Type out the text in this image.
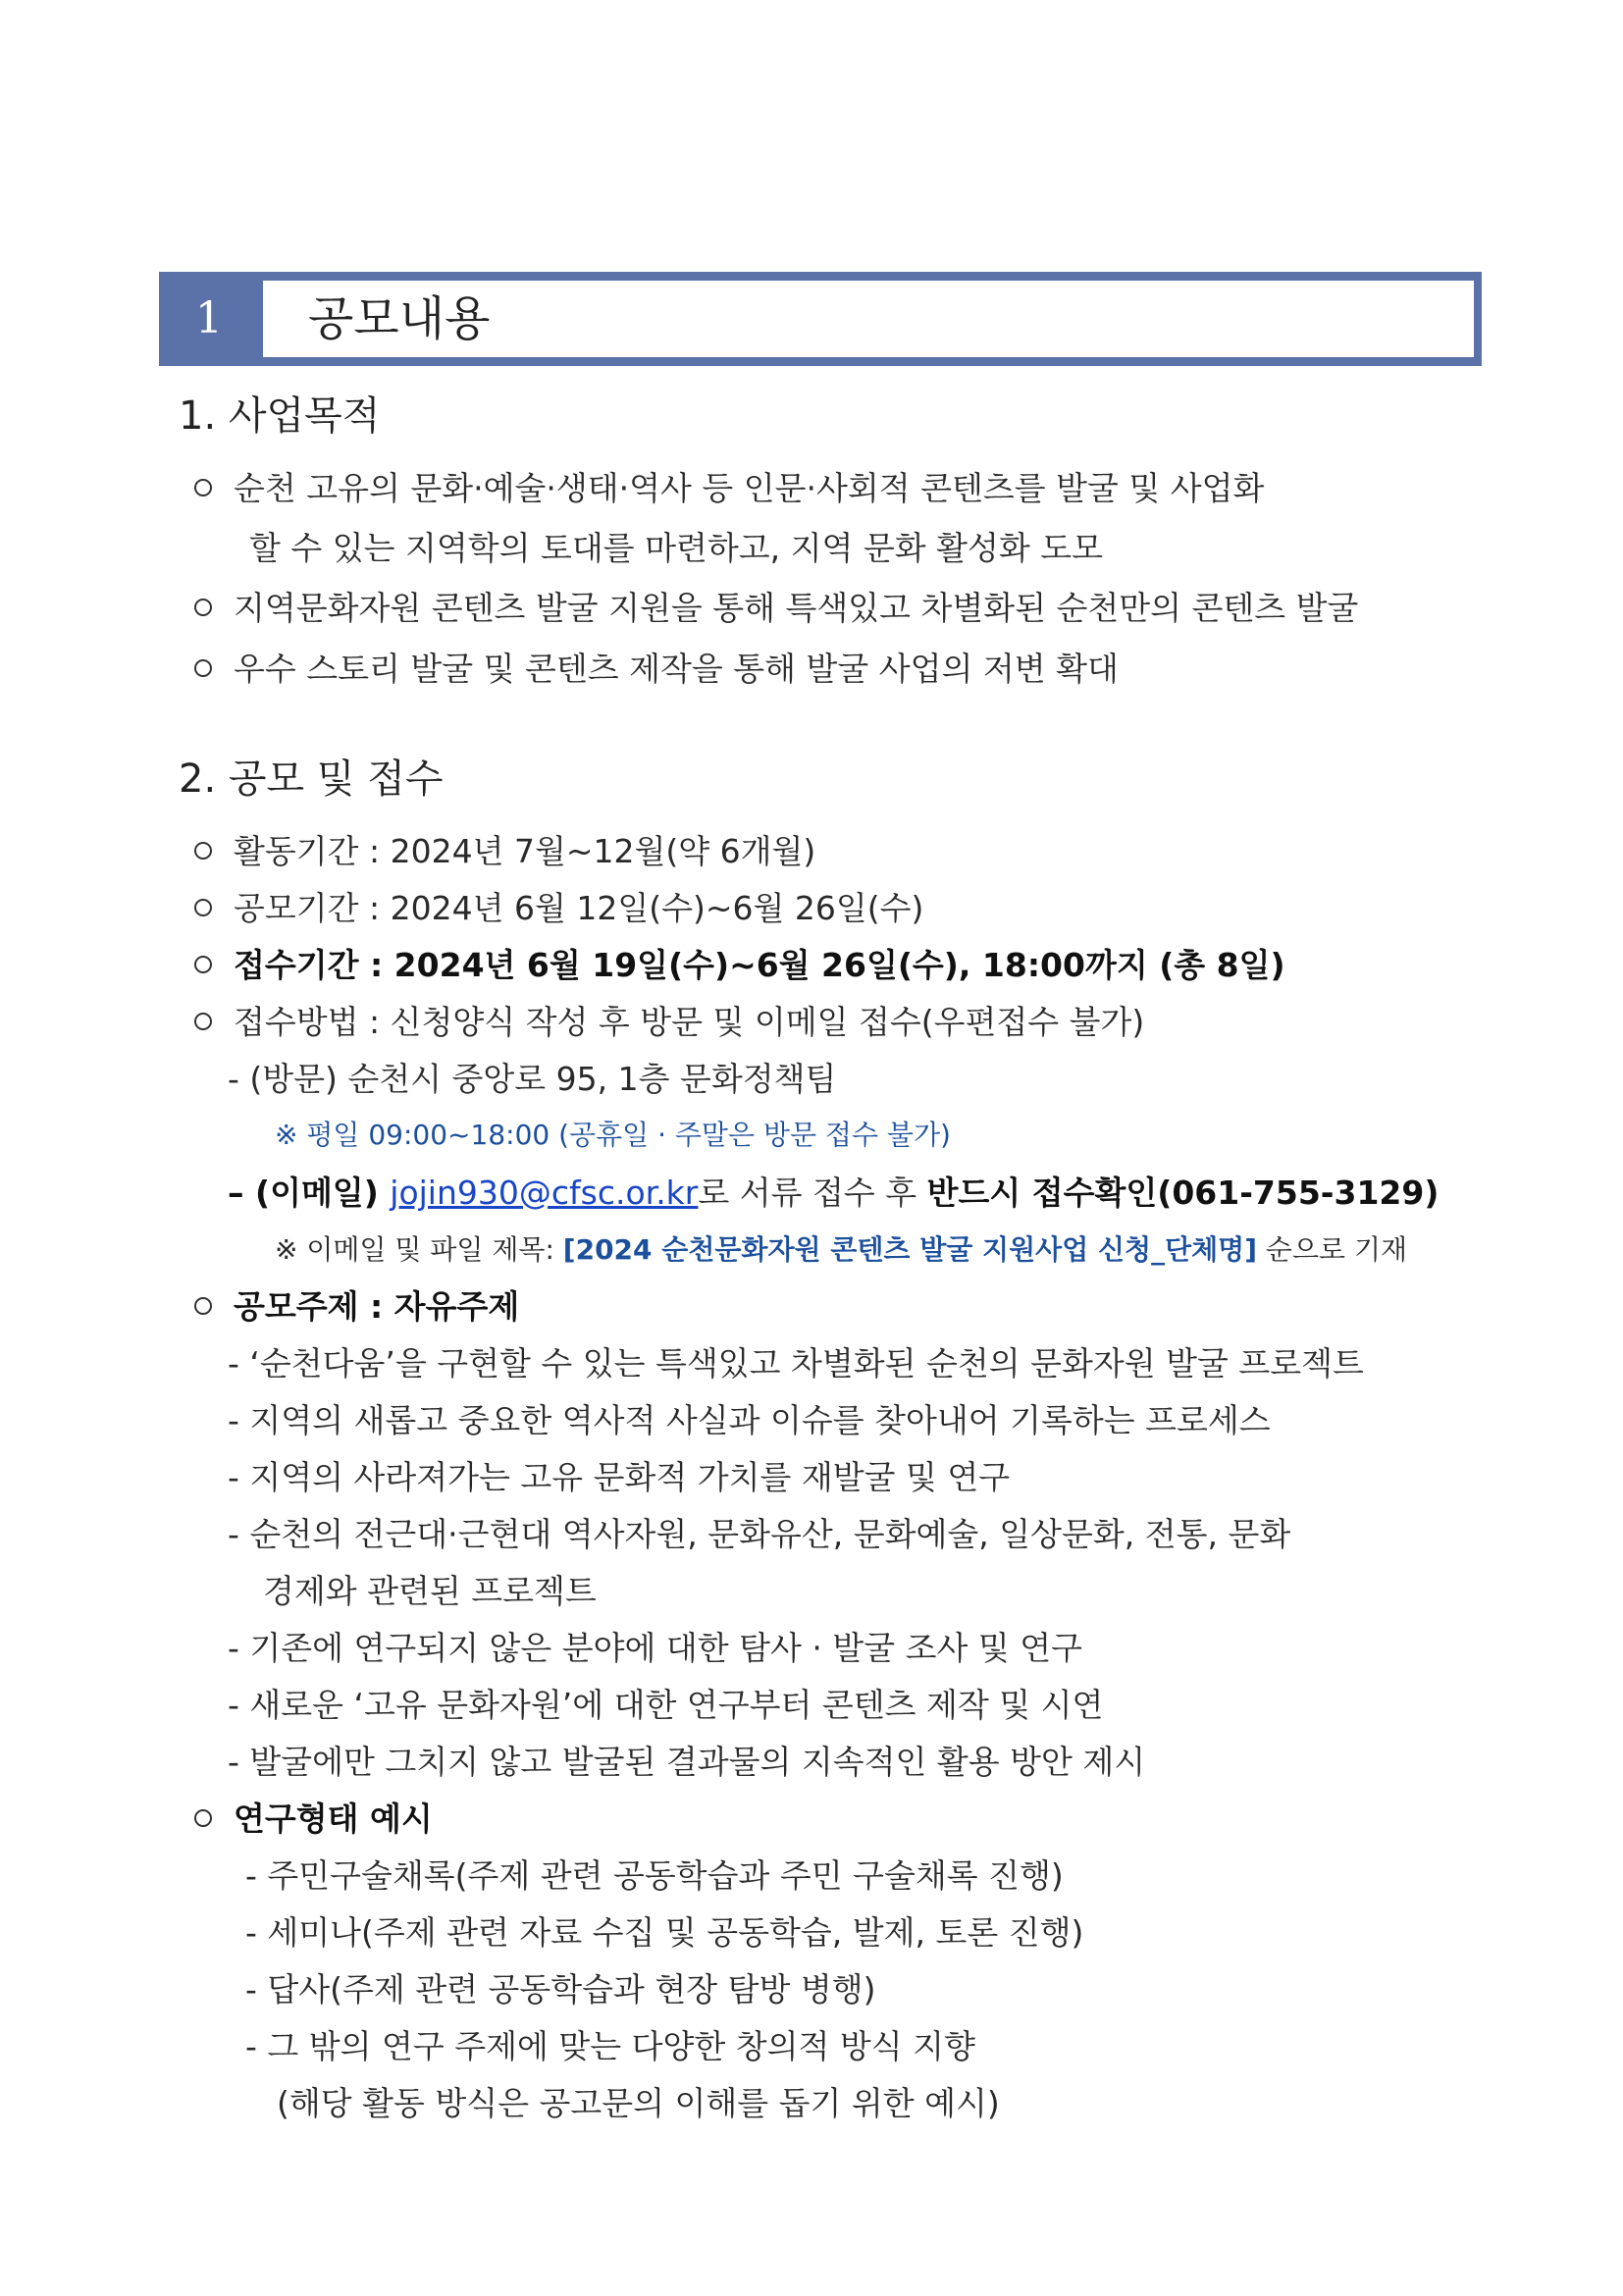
1	공모내용
1. 사업목적
순천 고유의 문화·예술·생태·역사 등 인문·사회적 콘텐츠를 발굴 및 사업화
할 수 있는 지역학의 토대를 마련하고, 지역 문화 활성화 도모
지역문화자원 콘텐츠 발굴 지원을 통해 특색있고 차별화된 순천만의 콘텐츠 발굴
우수 스토리 발굴 및 콘텐츠 제작을 통해 발굴 사업의 저변 확대
2. 공모 및 접수
활동기간 : 2024년 7월~12월(약 6개월)
공모기간 : 2024년 6월 12일(수)~6월 26일(수)
접수기간 : 2024년 6월 19일(수)~6월 26일(수), 18:00까지 (총 8일)
접수방법 : 신청양식 작성 후 방문 및 이메일 접수(우편접수 불가)
- (방문) 순천시 중앙로 95, 1층 문화정책팀
※ 평일 09:00~18:00 (공휴일 · 주말은 방문 접수 불가)
– (이메일) jojin930@cfsc.or.kr로 서류 접수 후 반드시 접수확인(061-755-3129)
※ 이메일 및 파일 제목: [2024 순천문화자원 콘텐츠 발굴 지원사업 신청_단체명] 순으로 기재
공모주제 : 자유주제
- ‘순천다움’을 구현할 수 있는 특색있고 차별화된 순천의 문화자원 발굴 프로젝트
- 지역의 새롭고 중요한 역사적 사실과 이슈를 찾아내어 기록하는 프로세스
- 지역의 사라져가는 고유 문화적 가치를 재발굴 및 연구
- 순천의 전근대·근현대 역사자원, 문화유산, 문화예술, 일상문화, 전통, 문화
경제와 관련된 프로젝트
- 기존에 연구되지 않은 분야에 대한 탐사 · 발굴 조사 및 연구
- 새로운 ‘고유 문화자원’에 대한 연구부터 콘텐츠 제작 및 시연
- 발굴에만 그치지 않고 발굴된 결과물의 지속적인 활용 방안 제시
연구형태 예시
- 주민구술채록(주제 관련 공동학습과 주민 구술채록 진행)
- 세미나(주제 관련 자료 수집 및 공동학습, 발제, 토론 진행)
- 답사(주제 관련 공동학습과 현장 탐방 병행)
- 그 밖의 연구 주제에 맞는 다양한 창의적 방식 지향
(해당 활동 방식은 공고문의 이해를 돕기 위한 예시)
